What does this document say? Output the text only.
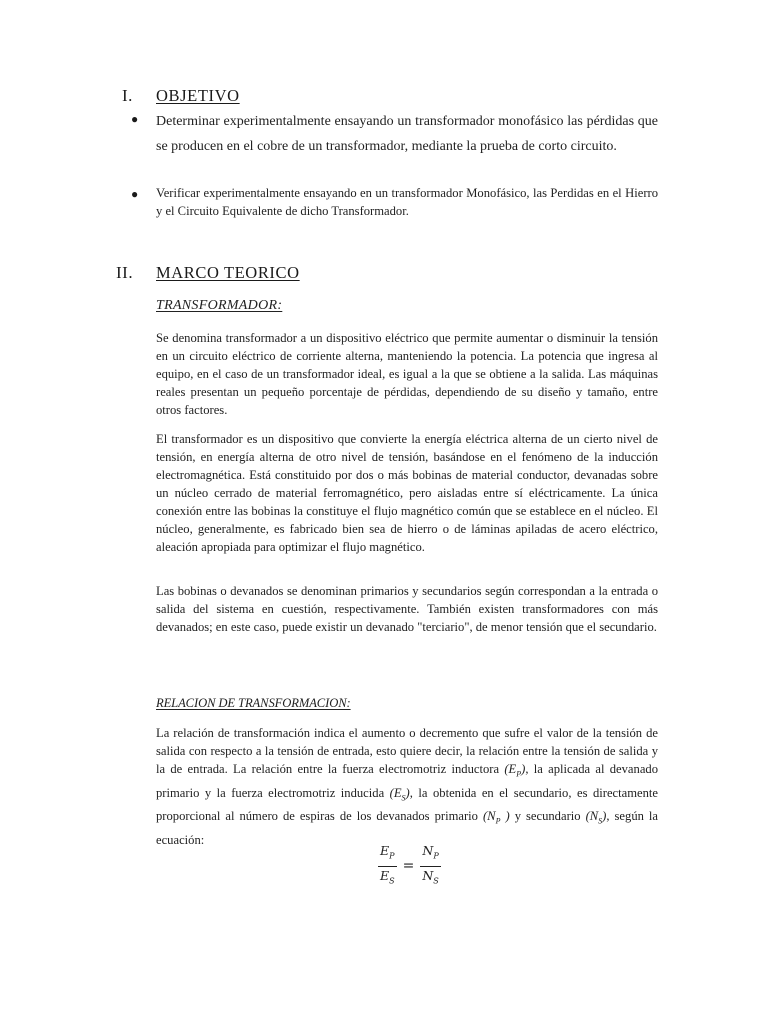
I. OBJETIVO
● Determinar experimentalmente ensayando un transformador monofásico las pérdidas que se producen en el cobre de un transformador, mediante la prueba de corto circuito.
● Verificar experimentalmente ensayando en un transformador Monofásico, las Perdidas en el Hierro y el Circuito Equivalente de dicho Transformador.
II. MARCO TEORICO
TRANSFORMADOR:
Se denomina transformador a un dispositivo eléctrico que permite aumentar o disminuir la tensión en un circuito eléctrico de corriente alterna, manteniendo la potencia. La potencia que ingresa al equipo, en el caso de un transformador ideal, es igual a la que se obtiene a la salida. Las máquinas reales presentan un pequeño porcentaje de pérdidas, dependiendo de su diseño y tamaño, entre otros factores.
El transformador es un dispositivo que convierte la energía eléctrica alterna de un cierto nivel de tensión, en energía alterna de otro nivel de tensión, basándose en el fenómeno de la inducción electromagnética. Está constituido por dos o más bobinas de material conductor, devanadas sobre un núcleo cerrado de material ferromagnético, pero aisladas entre sí eléctricamente. La única conexión entre las bobinas la constituye el flujo magnético común que se establece en el núcleo. El núcleo, generalmente, es fabricado bien sea de hierro o de láminas apiladas de acero eléctrico, aleación apropiada para optimizar el flujo magnético.
Las bobinas o devanados se denominan primarios y secundarios según correspondan a la entrada o salida del sistema en cuestión, respectivamente. También existen transformadores con más devanados; en este caso, puede existir un devanado "terciario", de menor tensión que el secundario.
RELACION DE TRANSFORMACION:
La relación de transformación indica el aumento o decremento que sufre el valor de la tensión de salida con respecto a la tensión de entrada, esto quiere decir, la relación entre la tensión de salida y la de entrada. La relación entre la fuerza electromotriz inductora $(E_P)$, la aplicada al devanado primario y la fuerza electromotriz inducida $(E_S)$, la obtenida en el secundario, es directamente proporcional al número de espiras de los devanados primario ($N_P$ ) y secundario $(N_S)$, según la ecuación:
$\frac{E_P}{E_S} = \frac{N_P}{N_S}$
